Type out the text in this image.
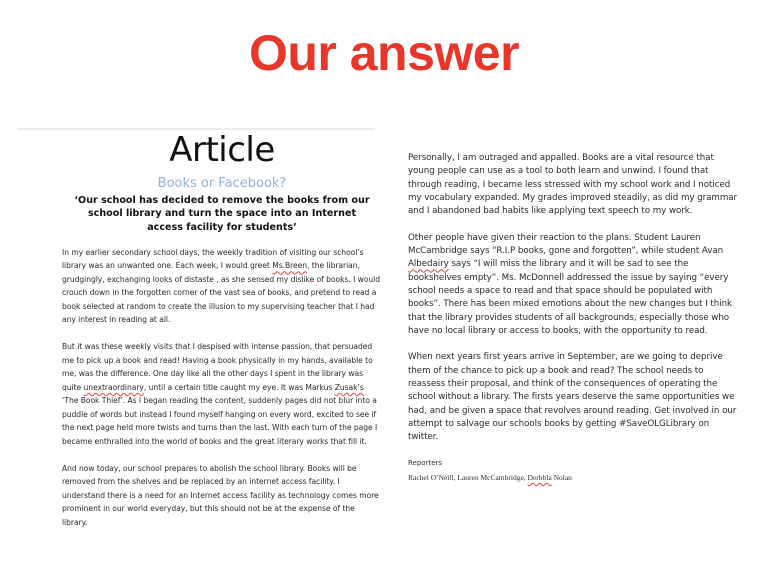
Our answer
Article
Books or Facebook?
‘Our school has decided to remove the books from our school library and turn the space into an Internet access facility for students’

In my earlier secondary school days, the weekly tradition of visiting our school’s library was an unwanted one. Each week, I would greet Ms.Breen, the librarian, grudgingly, exchanging looks of distaste , as she sensed my dislike of books. I would crouch down in the forgotten corner of the vast sea of books, and pretend to read a book selected at random to create the illusion to my supervising teacher that I had any interest in reading at all.

But it was these weekly visits that I despised with intense passion, that persuaded me to pick up a book and read! Having a book physically in my hands, available to me, was the difference. One day like all the other days I spent in the library was quite unextraordinary, until a certain title caught my eye. It was Markus Zusak’s ‘The Book Thief’. As I began reading the content, suddenly pages did not blur into a puddle of words but instead I found myself hanging on every word, excited to see if the next page held more twists and turns than the last. With each turn of the page I became enthralled into the world of books and the great literary works that fill it.

And now today, our school prepares to abolish the school library. Books will be removed from the shelves and be replaced by an internet access facility. I understand there is a need for an Internet access facility as technology comes more prominent in our world everyday, but this should not be at the expense of the library.

Personally, I am outraged and appalled. Books are a vital resource that young people can use as a tool to both learn and unwind. I found that through reading, I became less stressed with my school work and I noticed my vocabulary expanded. My grades improved steadily, as did my grammar and I abandoned bad habits like applying text speech to my work.

Other people have given their reaction to the plans. Student Lauren McCambridge says “R.I.P books, gone and forgotten”, while student Avan Albedairy says “I will miss the library and it will be sad to see the bookshelves empty”. Ms. McDonnell addressed the issue by saying “every school needs a space to read and that space should be populated with books”. There has been mixed emotions about the new changes but I think that the library provides students of all backgrounds, especially those who have no local library or access to books, with the opportunity to read.

When next years first years arrive in September, are we going to deprive them of the chance to pick up a book and read? The school needs to reassess their proposal, and think of the consequences of operating the school without a library. The firsts years deserve the same opportunities we had, and be given a space that revolves around reading. Get involved in our attempt to salvage our schools books by getting #SaveOLGLibrary on twitter.

Reporters
Rachel O’Neill, Lauren McCambridge, Derbbla Nolan
